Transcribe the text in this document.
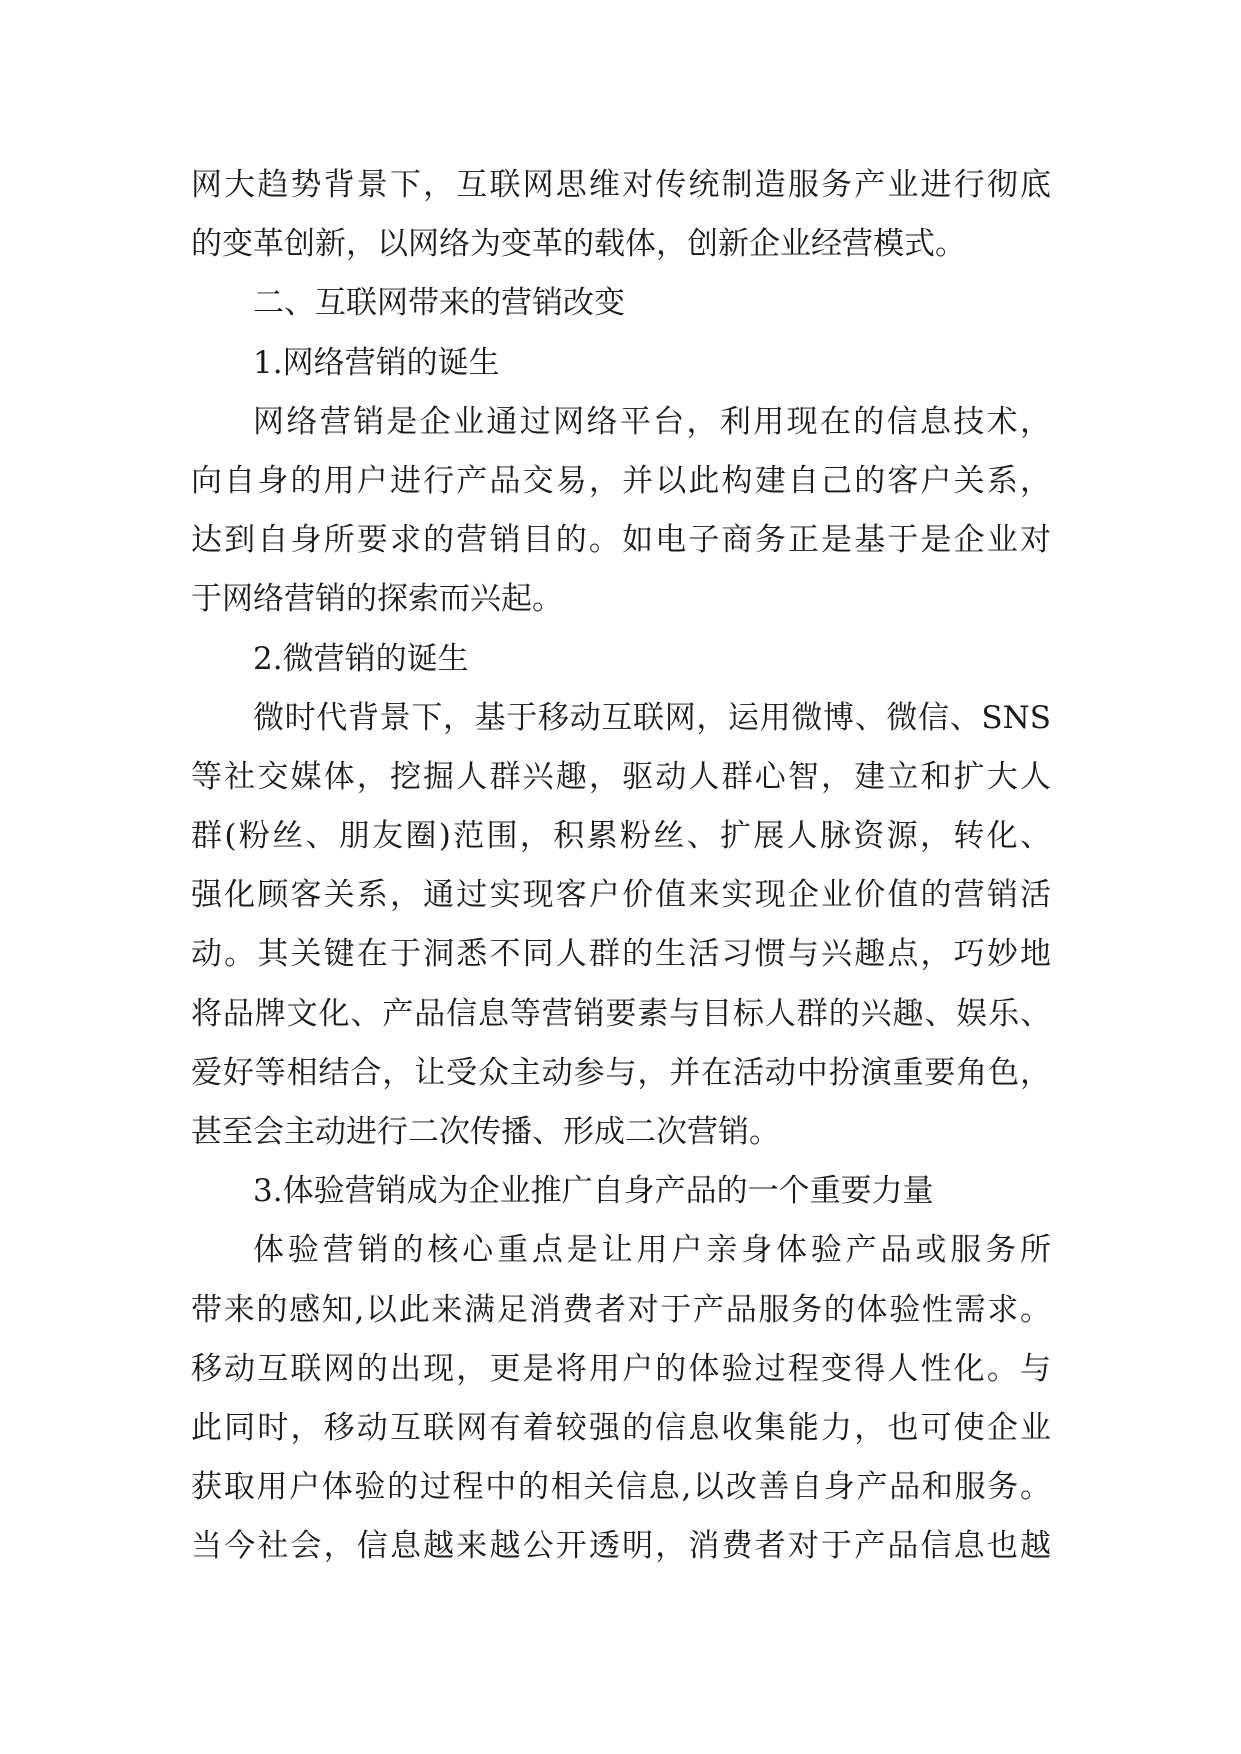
网大趋势背景下，互联网思维对传统制造服务产业进行彻底
的变革创新，以网络为变革的载体，创新企业经营模式。
二、互联网带来的营销改变
1.网络营销的诞生
网络营销是企业通过网络平台，利用现在的信息技术，
向自身的用户进行产品交易，并以此构建自己的客户关系，
达到自身所要求的营销目的。如电子商务正是基于是企业对
于网络营销的探索而兴起。
2.微营销的诞生
微时代背景下，基于移动互联网，运用微博、微信、SNS
等社交媒体，挖掘人群兴趣，驱动人群心智，建立和扩大人
群(粉丝、朋友圈)范围，积累粉丝、扩展人脉资源，转化、
强化顾客关系，通过实现客户价值来实现企业价值的营销活
动。其关键在于洞悉不同人群的生活习惯与兴趣点，巧妙地
将品牌文化、产品信息等营销要素与目标人群的兴趣、娱乐、
爱好等相结合，让受众主动参与，并在活动中扮演重要角色，
甚至会主动进行二次传播、形成二次营销。
3.体验营销成为企业推广自身产品的一个重要力量
体验营销的核心重点是让用户亲身体验产品或服务所
带来的感知,以此来满足消费者对于产品服务的体验性需求。
移动互联网的出现，更是将用户的体验过程变得人性化。与
此同时，移动互联网有着较强的信息收集能力，也可使企业
获取用户体验的过程中的相关信息,以改善自身产品和服务。
当今社会，信息越来越公开透明，消费者对于产品信息也越
